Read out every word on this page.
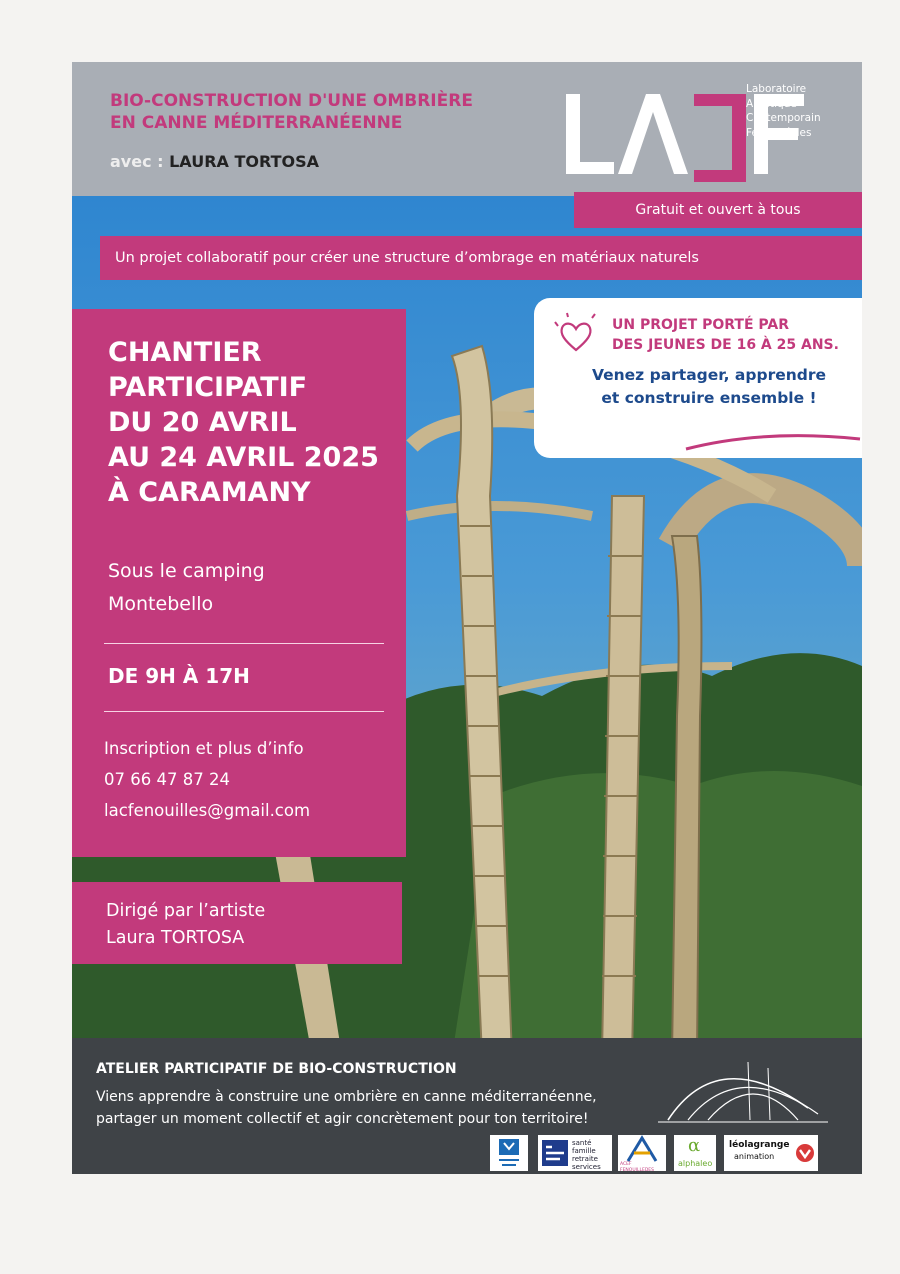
BIO-CONSTRUCTION D'UNE OMBRIÈRE
EN CANNE MÉDITERRANÉENNE
avec : LAURA TORTOSA
LACF
Laboratoire
Artistique
Contemporain
Fenouillèdes
Gratuit et ouvert à tous
Un projet collaboratif pour créer une structure d’ombrage en matériaux naturels
UN PROJET PORTÉ PAR
DES JEUNES DE 16 À 25 ANS.
Venez partager, apprendre
et construire ensemble !
CHANTIER
PARTICIPATIF
DU 20 AVRIL
AU 24 AVRIL 2025
À CARAMANY
Sous le camping
Montebello
DE 9H À 17H
Inscription et plus d’info
07 66 47 87 24
lacfenouilles@gmail.com
Dirigé par l’artiste
Laura TORTOSA
ATELIER PARTICIPATIF DE BIO-CONSTRUCTION
Viens apprendre à construire une ombrière en canne méditerranéenne,
partager un moment collectif et agir concrètement pour ton territoire!
santé
famille
retraite
services	ACEF FENOUILLEDES
α
alphaleo
léolagrange
animation
